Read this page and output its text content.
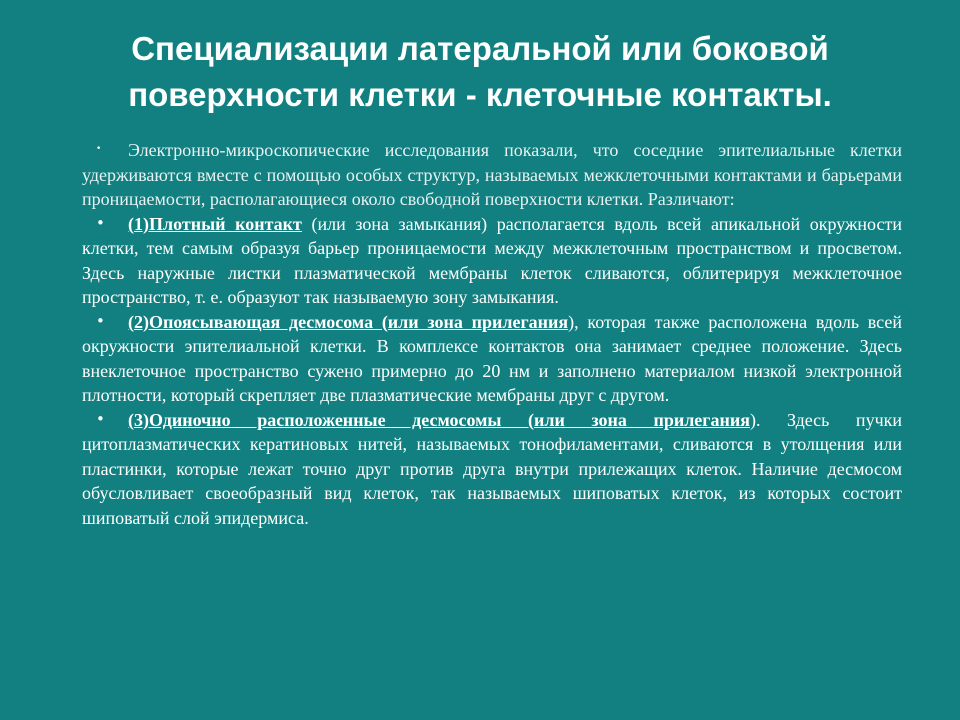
Специализации латеральной или боковой поверхности клетки - клеточные контакты.

• Электронно-микроскопические исследования показали, что соседние эпителиальные клетки удерживаются вместе с помощью особых структур, называемых межклеточными контактами и барьерами проницаемости, располагающиеся около свободной поверхности клетки. Различают:

• (1)Плотный контакт (или зона замыкания) располагается вдоль всей апикальной окружности клетки, тем самым образуя барьер проницаемости между межклеточным пространством и просветом. Здесь наружные листки плазматической мембраны клеток сливаются, облитерируя межклеточное пространство, т. е. образуют так называемую зону замыкания.

• (2)Опоясывающая десмосома (или зона прилегания), которая также расположена вдоль всей окружности эпителиальной клетки. В комплексе контактов она занимает среднее положение. Здесь внеклеточное пространство сужено примерно до 20 нм и заполнено материалом низкой электронной плотности, который скрепляет две плазматические мембраны друг с другом.

• (3)Одиночно расположенные десмосомы (или зона прилегания). Здесь пучки цитоплазматических кератиновых нитей, называемых тонофиламентами, сливаются в утолщения или пластинки, которые лежат точно друг против друга внутри прилежащих клеток. Наличие десмосом обусловливает своеобразный вид клеток, так называемых шиповатых клеток, из которых состоит шиповатый слой эпидермиса.
